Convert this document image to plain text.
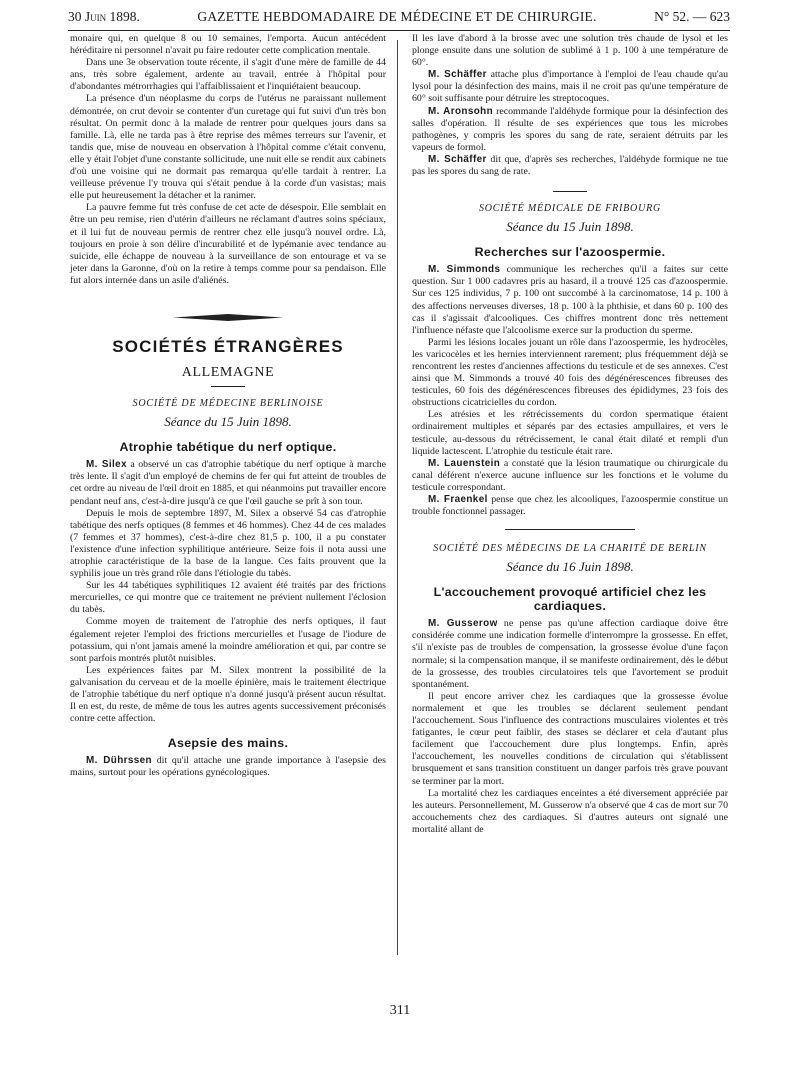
30 Juin 1898.	GAZETTE HEBDOMADAIRE DE MÉDECINE ET DE CHIRURGIE.	N° 52. — 623

monaire qui, en quelque 8 ou 10 semaines, l'emporta. Aucun antécédent héréditaire ni personnel n'avait pu faire redouter cette complication mentale.

Dans une 3e observation toute récente, il s'agit d'une mère de famille de 44 ans, très sobre également, ardente au travail, entrée à l'hôpital pour d'abondantes métrorrhagies qui l'affaiblissaient et l'inquiétaient beaucoup.

La présence d'un néoplasme du corps de l'utérus ne paraissant nullement démontrée, on crut devoir se contenter d'un curetage qui fut suivi d'un très bon résultat. On permit donc à la malade de rentrer pour quelques jours dans sa famille. Là, elle ne tarda pas à être reprise des mêmes terreurs sur l'avenir, et tandis que, mise de nouveau en observation à l'hôpital comme c'était convenu, elle y était l'objet d'une constante sollicitude, une nuit elle se rendit aux cabinets d'où une voisine qui ne dormait pas remarqua qu'elle tardait à rentrer. La veilleuse prévenue l'y trouva qui s'était pendue à la corde d'un vasistas; mais elle put heureusement la détacher et la ranimer.

La pauvre femme fut très confuse de cet acte de désespoir. Elle semblait en être un peu remise, rien d'utérin d'ailleurs ne réclamant d'autres soins spéciaux, et il lui fut de nouveau permis de rentrer chez elle jusqu'à nouvel ordre. Là, toujours en proie à son délire d'incurabilité et de lypémanie avec tendance au suicide, elle échappe de nouveau à la surveillance de son entourage et va se jeter dans la Garonne, d'où on la retire à temps comme pour sa pendaison. Elle fut alors internée dans un asile d'aliénés.

SOCIÉTÉS ÉTRANGÈRES
ALLEMAGNE
SOCIÉTÉ DE MÉDECINE BERLINOISE
Séance du 15 Juin 1898.
Atrophie tabétique du nerf optique.

M. Silex a observé un cas d'atrophie tabétique du nerf optique à marche très lente. Il s'agit d'un employé de chemins de fer qui fut atteint de troubles de cet ordre au niveau de l'œil droit en 1885, et qui néanmoins put travailler encore pendant neuf ans, c'est-à-dire jusqu'à ce que l'œil gauche se prît à son tour.

Depuis le mois de septembre 1897, M. Silex a observé 54 cas d'atrophie tabétique des nerfs optiques (8 femmes et 46 hommes). Chez 44 de ces malades (7 femmes et 37 hommes), c'est-à-dire chez 81,5 p. 100, il a pu constater l'existence d'une infection syphilitique antérieure. Seize fois il nota aussi une atrophie caractéristique de la base de la langue. Ces faits prouvent que la syphilis joue un très grand rôle dans l'étiologie du tabès.

Sur les 44 tabétiques syphilitiques 12 avaient été traités par des frictions mercurielles, ce qui montre que ce traitement ne prévient nullement l'éclosion du tabès.

Comme moyen de traitement de l'atrophie des nerfs optiques, il faut également rejeter l'emploi des frictions mercurielles et l'usage de l'iodure de potassium, qui n'ont jamais amené la moindre amélioration et qui, par contre se sont parfois montrés plutôt nuisibles.

Les expériences faites par M. Silex montrent la possibilité de la galvanisation du cerveau et de la moelle épinière, mais le traitement électrique de l'atrophie tabétique du nerf optique n'a donné jusqu'à présent aucun résultat. Il en est, du reste, de même de tous les autres agents successivement préconisés contre cette affection.

Asepsie des mains.

M. Dührssen dit qu'il attache une grande importance à l'asepsie des mains, surtout pour les opérations gynécologiques.

Il les lave d'abord à la brosse avec une solution très chaude de lysol et les plonge ensuite dans une solution de sublimé à 1 p. 100 à une température de 60°.

M. Schäffer attache plus d'importance à l'emploi de l'eau chaude qu'au lysol pour la désinfection des mains, mais il ne croit pas qu'une température de 60° soit suffisante pour détruire les streptocoques.

M. Aronsohn recommande l'aldéhyde formique pour la désinfection des salles d'opération. Il résulte de ses expériences que tous les microbes pathogènes, y compris les spores du sang de rate, seraient détruits par les vapeurs de formol.

M. Schäffer dit que, d'après ses recherches, l'aldéhyde formique ne tue pas les spores du sang de rate.

SOCIÉTÉ MÉDICALE DE FRIBOURG
Séance du 15 Juin 1898.
Recherches sur l'azoospermie.

M. Simmonds communique les recherches qu'il a faites sur cette question. Sur 1 000 cadavres pris au hasard, il a trouvé 125 cas d'azoospermie. Sur ces 125 individus, 7 p. 100 ont succombé à la carcinomatose, 14 p. 100 à des affections nerveuses diverses, 18 p. 100 à la phthisie, et dans 60 p. 100 des cas il s'agissait d'alcooliques. Ces chiffres montrent donc très nettement l'influence néfaste que l'alcoolisme exerce sur la production du sperme.

Parmi les lésions locales jouant un rôle dans l'azoospermie, les hydrocèles, les varicocèles et les hernies interviennent rarement; plus fréquemment déjà se rencontrent les restes d'anciennes affections du testicule et de ses annexes. C'est ainsi que M. Simmonds a trouvé 40 fois des dégénérescences fibreuses des testicules, 60 fois des dégénérescences fibreuses des épididymes, 23 fois des obstructions cicatricielles du cordon.

Les atrésies et les rétrécissements du cordon spermatique étaient ordinairement multiples et séparés par des ectasies ampullaires, et vers le testicule, au-dessous du rétrécissement, le canal était dilaté et rempli d'un liquide lactescent. L'atrophie du testicule était rare.

M. Lauenstein a constaté que la lésion traumatique ou chirurgicale du canal déférent n'exerce aucune influence sur les fonctions et le volume du testicule correspondant.

M. Fraenkel pense que chez les alcooliques, l'azoospermie constitue un trouble fonctionnel passager.

SOCIÉTÉ DES MÉDECINS DE LA CHARITÉ DE BERLIN
Séance du 16 Juin 1898.
L'accouchement provoqué artificiel chez les cardiaques.

M. Gusserow ne pense pas qu'une affection cardiaque doive être considérée comme une indication formelle d'interrompre la grossesse. En effet, s'il n'existe pas de troubles de compensation, la grossesse évolue d'une façon normale; si la compensation manque, il se manifeste ordinairement, dès le début de la grossesse, des troubles circulatoires tels que l'avortement se produit spontanément.

Il peut encore arriver chez les cardiaques que la grossesse évolue normalement et que les troubles se déclarent seulement pendant l'accouchement. Sous l'influence des contractions musculaires violentes et très fatigantes, le cœur peut faiblir, des stases se déclarer et cela d'autant plus facilement que l'accouchement dure plus longtemps. Enfin, après l'accouchement, les nouvelles conditions de circulation qui s'établissent brusquement et sans transition constituent un danger parfois très grave pouvant se terminer par la mort.

La mortalité chez les cardiaques enceintes a été diversement appréciée par les auteurs. Personnellement, M. Gusserow n'a observé que 4 cas de mort sur 70 accouchements chez des cardiaques. Si d'autres auteurs ont signalé une mortalité allant de

311
